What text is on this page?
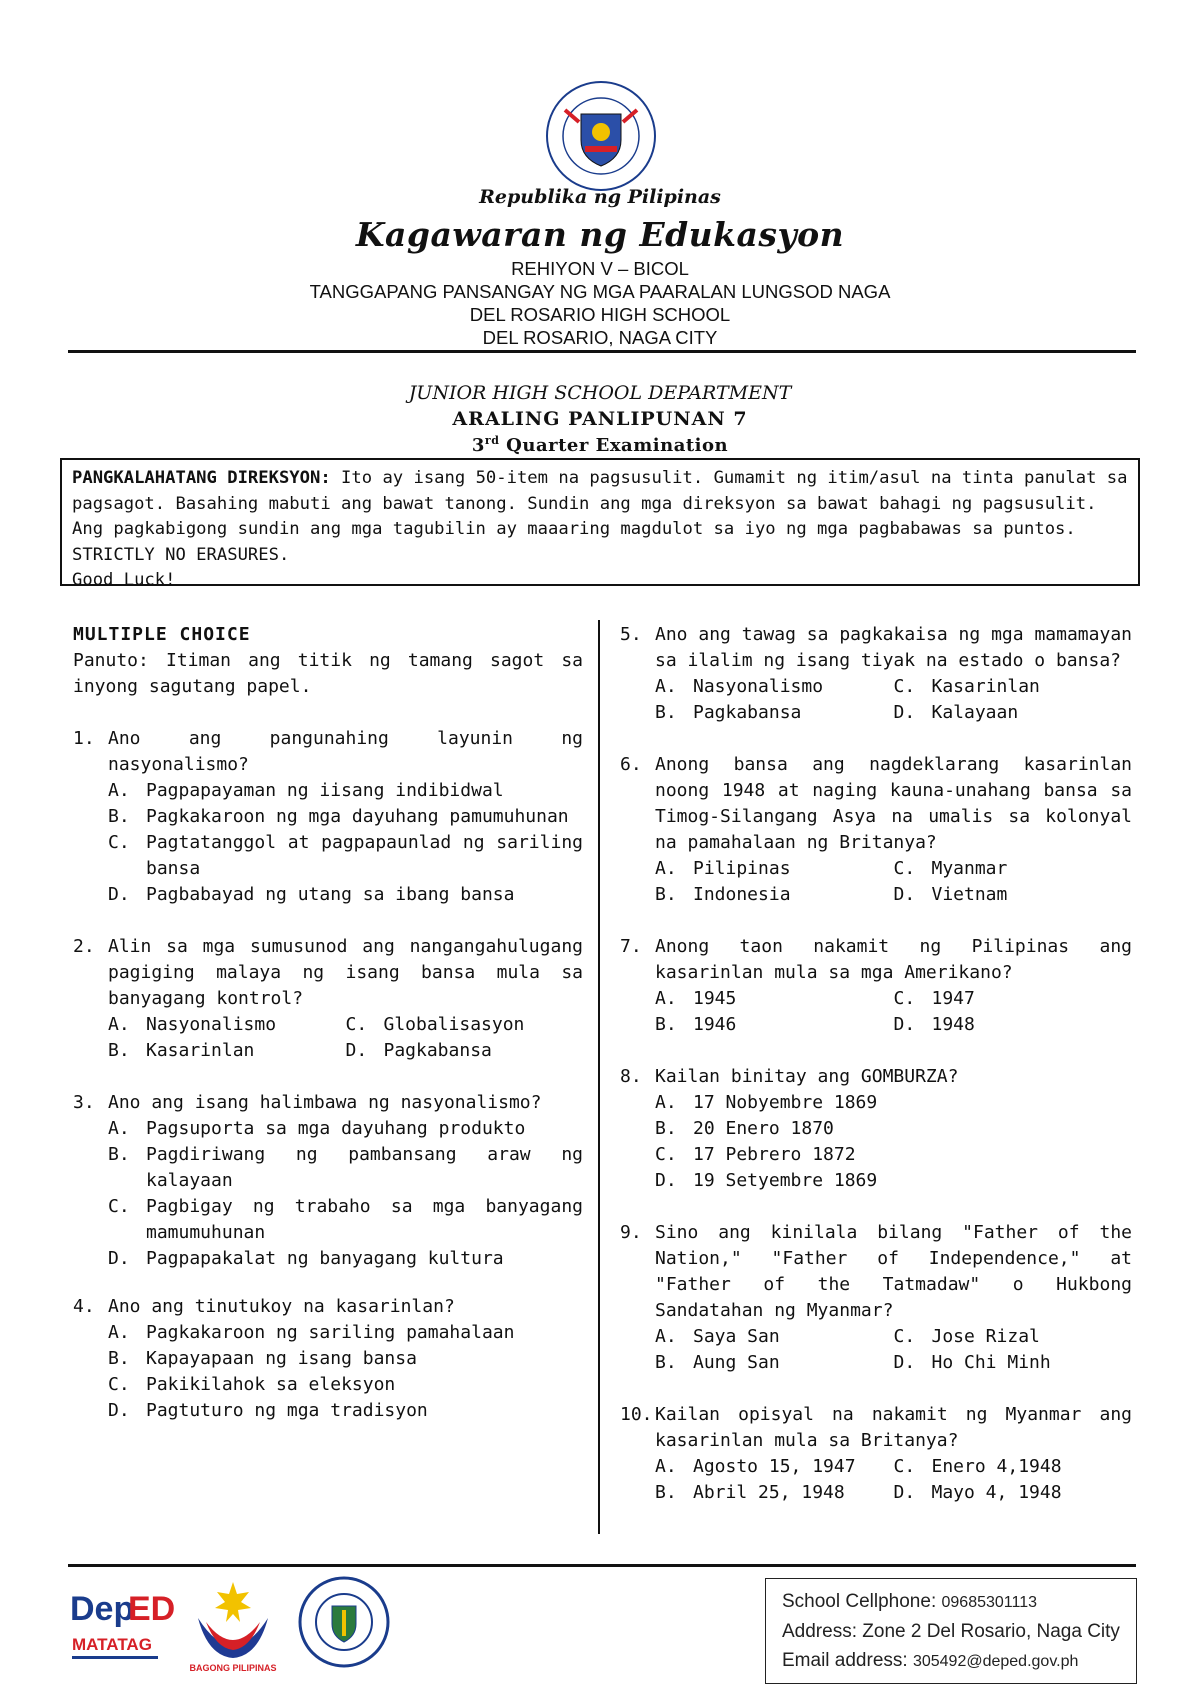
Republika ng Pilipinas
Kagawaran ng Edukasyon
REHIYON V – BICOL
TANGGAPANG PANSANGAY NG MGA PAARALAN LUNGSOD NAGA
DEL ROSARIO HIGH SCHOOL
DEL ROSARIO, NAGA CITY
JUNIOR HIGH SCHOOL DEPARTMENT
ARALING PANLIPUNAN 7
3rd Quarter Examination
PANGKALAHATANG DIREKSYON: Ito ay isang 50-item na pagsusulit. Gumamit ng itim/asul na tinta panulat sa pagsagot. Basahing mabuti ang bawat tanong. Sundin ang mga direksyon sa bawat bahagi ng pagsusulit. Ang pagkabigong sundin ang mga tagubilin ay maaaring magdulot sa iyo ng mga pagbabawas sa puntos. STRICTLY NO ERASURES.
Good Luck!
MULTIPLE CHOICE
Panuto: Itiman ang titik ng tamang sagot sa inyong sagutang papel.
1. Ano ang pangunahing layunin ng nasyonalismo?
A. Pagpapayaman ng iisang indibidwal
B. Pagkakaroon ng mga dayuhang pamumuhunan
C. Pagtatanggol at pagpapaunlad ng sariling bansa
D. Pagbabayad ng utang sa ibang bansa
2. Alin sa mga sumusunod ang nangangahulugang pagiging malaya ng isang bansa mula sa banyagang kontrol?
A. Nasyonalismo	C. Globalisasyon
B. Kasarinlan	D. Pagkabansa
3. Ano ang isang halimbawa ng nasyonalismo?
A. Pagsuporta sa mga dayuhang produkto
B. Pagdiriwang ng pambansang araw ng kalayaan
C. Pagbigay ng trabaho sa mga banyagang mamumuhunan
D. Pagpapakalat ng banyagang kultura
4. Ano ang tinutukoy na kasarinlan?
A. Pagkakaroon ng sariling pamahalaan
B. Kapayapaan ng isang bansa
C. Pakikilahok sa eleksyon
D. Pagtuturo ng mga tradisyon
5. Ano ang tawag sa pagkakaisa ng mga mamamayan sa ilalim ng isang tiyak na estado o bansa?
A. Nasyonalismo	C. Kasarinlan
B. Pagkabansa	D. Kalayaan
6. Anong bansa ang nagdeklarang kasarinlan noong 1948 at naging kauna-unahang bansa sa Timog-Silangang Asya na umalis sa kolonyal na pamahalaan ng Britanya?
A. Pilipinas	C. Myanmar
B. Indonesia	D. Vietnam
7. Anong taon nakamit ng Pilipinas ang kasarinlan mula sa mga Amerikano?
A. 1945	C. 1947
B. 1946	D. 1948
8. Kailan binitay ang GOMBURZA?
A. 17 Nobyembre 1869
B. 20 Enero 1870
C. 17 Pebrero 1872
D. 19 Setyembre 1869
9. Sino ang kinilala bilang "Father of the Nation," "Father of Independence," at "Father of the Tatmadaw" o Hukbong Sandatahan ng Myanmar?
A. Saya San	C. Jose Rizal
B. Aung San	D. Ho Chi Minh
10. Kailan opisyal na nakamit ng Myanmar ang kasarinlan mula sa Britanya?
A. Agosto 15, 1947 C. Enero 4,1948
B. Abril 25, 1948	D. Mayo 4, 1948
Dep
ED
MATATAG
BAGONG PILIPINAS
School Cellphone: 09685301113
Address: Zone 2 Del Rosario, Naga City
Email address: 305492@deped.gov.ph
